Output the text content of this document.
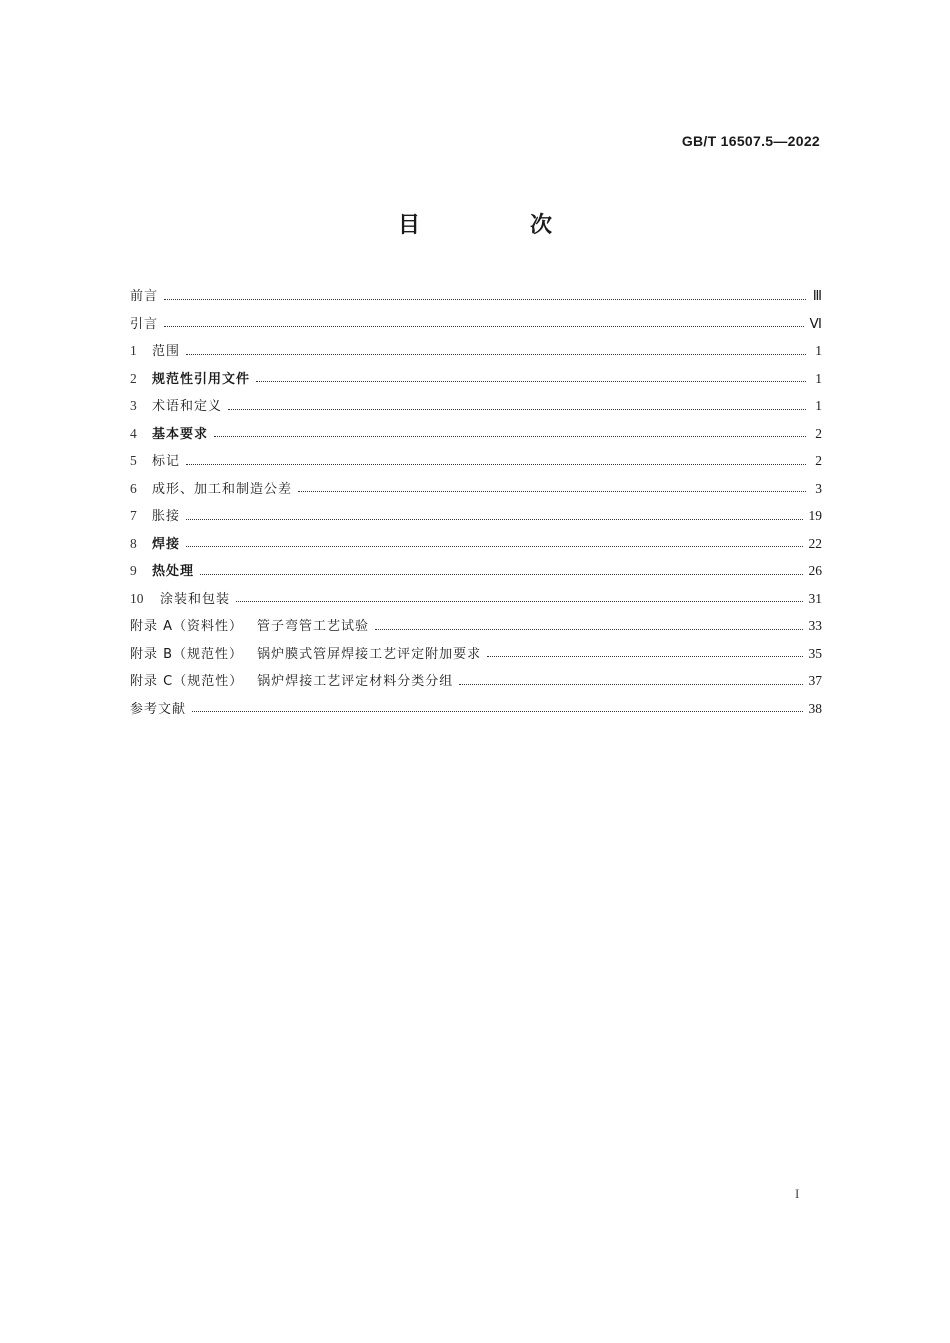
GB/T 16507.5—2022
目　次
前言	Ⅲ
引言	Ⅵ
1	范围	1
2	规范性引用文件	1
3	术语和定义	1
4	基本要求	2
5	标记	2
6	成形、加工和制造公差	3
7	胀接	19
8	焊接	22
9	热处理	26
10	涂装和包装	31
附录 A（资料性） 管子弯管工艺试验	33
附录 B（规范性） 锅炉膜式管屏焊接工艺评定附加要求	35
附录 C（规范性） 锅炉焊接工艺评定材料分类分组	37
参考文献	38
I
